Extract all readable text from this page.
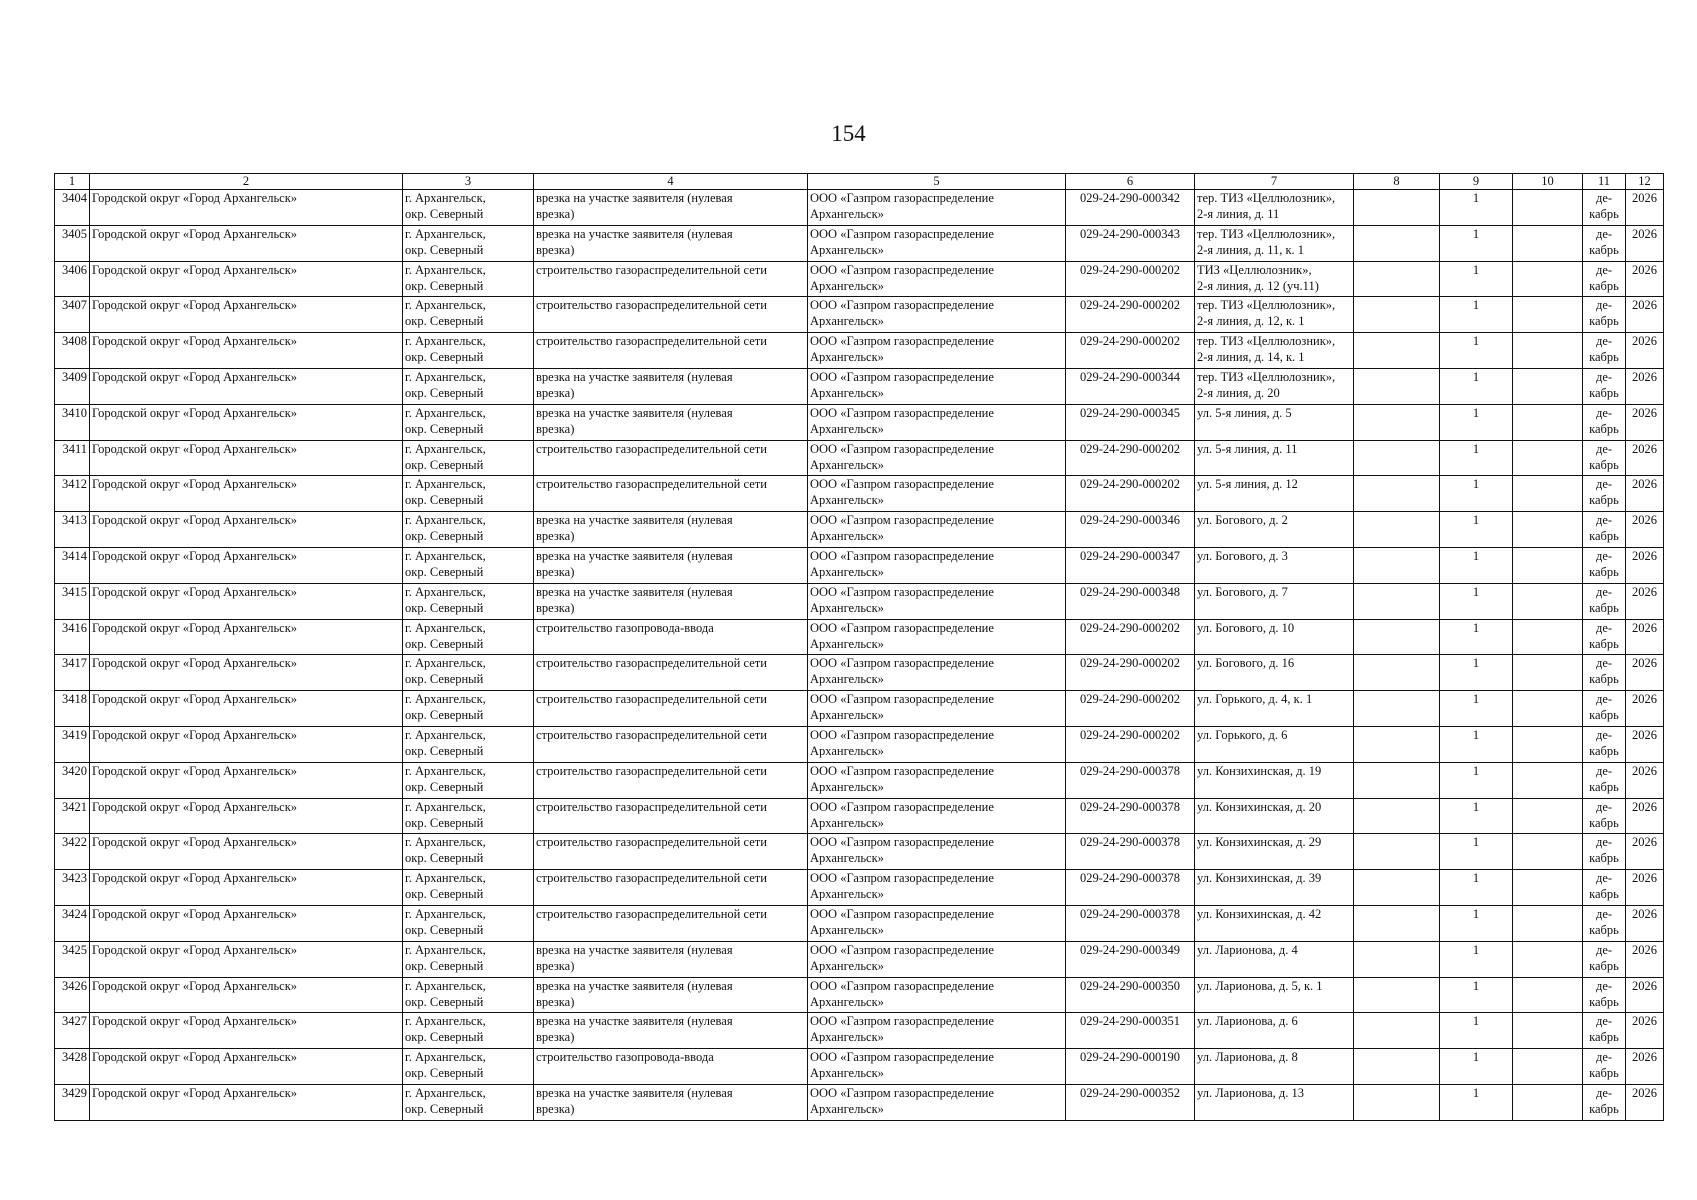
154
1	2	3	4	5	6	7	8	9	10	11	12

3404	Городской округ «Город Архангельск»	г. Архангельск,
окр. Северный	врезка на участке заявителя (нулевая
врезка)	ООО «Газпром газораспределение
Архангельск»	029-24-290-000342	тер. ТИЗ «Целлюлозник»,
2-я линия, д. 11		1		де-
кабрь	2026

3405	Городской округ «Город Архангельск»	г. Архангельск,
окр. Северный	врезка на участке заявителя (нулевая
врезка)	ООО «Газпром газораспределение
Архангельск»	029-24-290-000343	тер. ТИЗ «Целлюлозник»,
2-я линия, д. 11, к. 1		1		де-
кабрь	2026

3406	Городской округ «Город Архангельск»	г. Архангельск,
окр. Северный	строительство газораспределительной сети	ООО «Газпром газораспределение
Архангельск»	029-24-290-000202	ТИЗ «Целлюлозник»,
2-я линия, д. 12 (уч.11)		1		де-
кабрь	2026

3407	Городской округ «Город Архангельск»	г. Архангельск,
окр. Северный	строительство газораспределительной сети	ООО «Газпром газораспределение
Архангельск»	029-24-290-000202	тер. ТИЗ «Целлюлозник»,
2-я линия, д. 12, к. 1		1		де-
кабрь	2026

3408	Городской округ «Город Архангельск»	г. Архангельск,
окр. Северный	строительство газораспределительной сети	ООО «Газпром газораспределение
Архангельск»	029-24-290-000202	тер. ТИЗ «Целлюлозник»,
2-я линия, д. 14, к. 1		1		де-
кабрь	2026

3409	Городской округ «Город Архангельск»	г. Архангельск,
окр. Северный	врезка на участке заявителя (нулевая
врезка)	ООО «Газпром газораспределение
Архангельск»	029-24-290-000344	тер. ТИЗ «Целлюлозник»,
2-я линия, д. 20		1		де-
кабрь	2026

3410	Городской округ «Город Архангельск»	г. Архангельск,
окр. Северный	врезка на участке заявителя (нулевая
врезка)	ООО «Газпром газораспределение
Архангельск»	029-24-290-000345	ул. 5-я линия, д. 5		1		де-
кабрь	2026

3411	Городской округ «Город Архангельск»	г. Архангельск,
окр. Северный	строительство газораспределительной сети	ООО «Газпром газораспределение
Архангельск»	029-24-290-000202	ул. 5-я линия, д. 11		1		де-
кабрь	2026

3412	Городской округ «Город Архангельск»	г. Архангельск,
окр. Северный	строительство газораспределительной сети	ООО «Газпром газораспределение
Архангельск»	029-24-290-000202	ул. 5-я линия, д. 12		1		де-
кабрь	2026

3413	Городской округ «Город Архангельск»	г. Архангельск,
окр. Северный	врезка на участке заявителя (нулевая
врезка)	ООО «Газпром газораспределение
Архангельск»	029-24-290-000346	ул. Богового, д. 2		1		де-
кабрь	2026

3414	Городской округ «Город Архангельск»	г. Архангельск,
окр. Северный	врезка на участке заявителя (нулевая
врезка)	ООО «Газпром газораспределение
Архангельск»	029-24-290-000347	ул. Богового, д. 3		1		де-
кабрь	2026

3415	Городской округ «Город Архангельск»	г. Архангельск,
окр. Северный	врезка на участке заявителя (нулевая
врезка)	ООО «Газпром газораспределение
Архангельск»	029-24-290-000348	ул. Богового, д. 7		1		де-
кабрь	2026

3416	Городской округ «Город Архангельск»	г. Архангельск,
окр. Северный	строительство газопровода-ввода	ООО «Газпром газораспределение
Архангельск»	029-24-290-000202	ул. Богового, д. 10		1		де-
кабрь	2026

3417	Городской округ «Город Архангельск»	г. Архангельск,
окр. Северный	строительство газораспределительной сети	ООО «Газпром газораспределение
Архангельск»	029-24-290-000202	ул. Богового, д. 16		1		де-
кабрь	2026

3418	Городской округ «Город Архангельск»	г. Архангельск,
окр. Северный	строительство газораспределительной сети	ООО «Газпром газораспределение
Архангельск»	029-24-290-000202	ул. Горького, д. 4, к. 1		1		де-
кабрь	2026

3419	Городской округ «Город Архангельск»	г. Архангельск,
окр. Северный	строительство газораспределительной сети	ООО «Газпром газораспределение
Архангельск»	029-24-290-000202	ул. Горького, д. 6		1		де-
кабрь	2026

3420	Городской округ «Город Архангельск»	г. Архангельск,
окр. Северный	строительство газораспределительной сети	ООО «Газпром газораспределение
Архангельск»	029-24-290-000378	ул. Конзихинская, д. 19		1		де-
кабрь	2026

3421	Городской округ «Город Архангельск»	г. Архангельск,
окр. Северный	строительство газораспределительной сети	ООО «Газпром газораспределение
Архангельск»	029-24-290-000378	ул. Конзихинская, д. 20		1		де-
кабрь	2026

3422	Городской округ «Город Архангельск»	г. Архангельск,
окр. Северный	строительство газораспределительной сети	ООО «Газпром газораспределение
Архангельск»	029-24-290-000378	ул. Конзихинская, д. 29		1		де-
кабрь	2026

3423	Городской округ «Город Архангельск»	г. Архангельск,
окр. Северный	строительство газораспределительной сети	ООО «Газпром газораспределение
Архангельск»	029-24-290-000378	ул. Конзихинская, д. 39		1		де-
кабрь	2026

3424	Городской округ «Город Архангельск»	г. Архангельск,
окр. Северный	строительство газораспределительной сети	ООО «Газпром газораспределение
Архангельск»	029-24-290-000378	ул. Конзихинская, д. 42		1		де-
кабрь	2026

3425	Городской округ «Город Архангельск»	г. Архангельск,
окр. Северный	врезка на участке заявителя (нулевая
врезка)	ООО «Газпром газораспределение
Архангельск»	029-24-290-000349	ул. Ларионова, д. 4		1		де-
кабрь	2026

3426	Городской округ «Город Архангельск»	г. Архангельск,
окр. Северный	врезка на участке заявителя (нулевая
врезка)	ООО «Газпром газораспределение
Архангельск»	029-24-290-000350	ул. Ларионова, д. 5, к. 1		1		де-
кабрь	2026

3427	Городской округ «Город Архангельск»	г. Архангельск,
окр. Северный	врезка на участке заявителя (нулевая
врезка)	ООО «Газпром газораспределение
Архангельск»	029-24-290-000351	ул. Ларионова, д. 6		1		де-
кабрь	2026

3428	Городской округ «Город Архангельск»	г. Архангельск,
окр. Северный	строительство газопровода-ввода	ООО «Газпром газораспределение
Архангельск»	029-24-290-000190	ул. Ларионова, д. 8		1		де-
кабрь	2026

3429	Городской округ «Город Архангельск»	г. Архангельск,
окр. Северный	врезка на участке заявителя (нулевая
врезка)	ООО «Газпром газораспределение
Архангельск»	029-24-290-000352	ул. Ларионова, д. 13		1		де-
кабрь	2026
